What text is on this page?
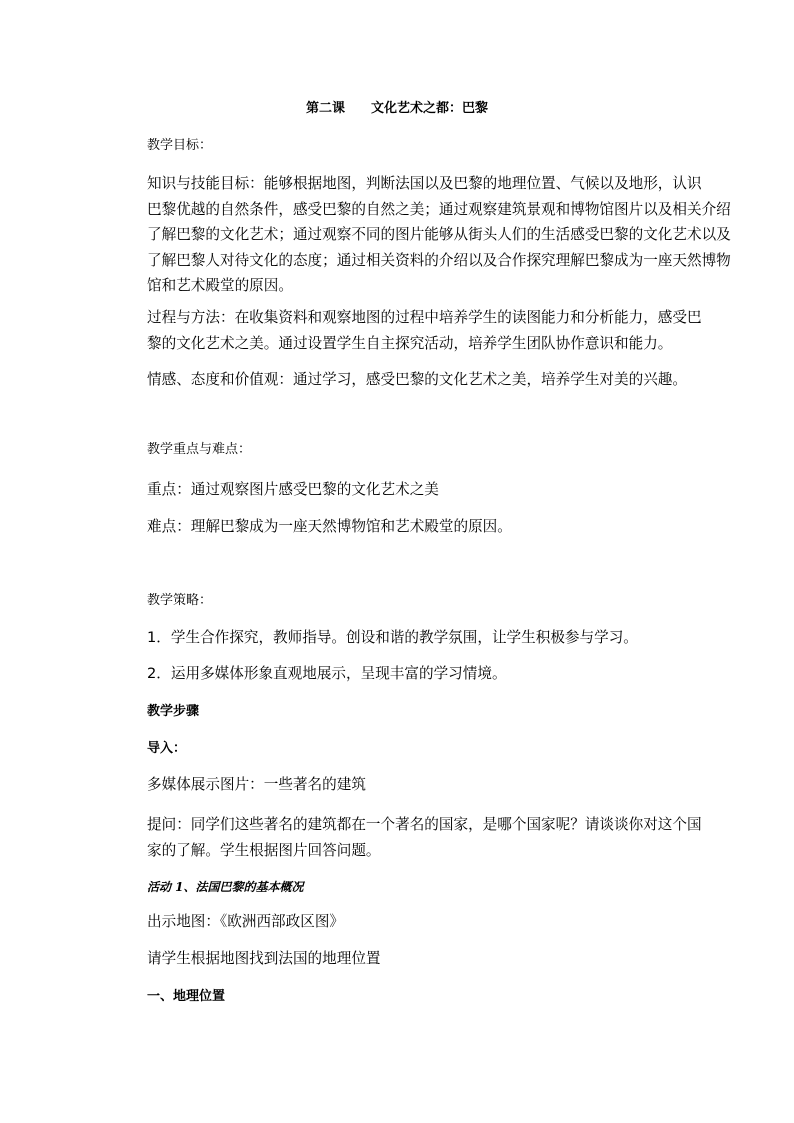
第二课　　文化艺术之都：巴黎
教学目标：
知识与技能目标：能够根据地图，判断法国以及巴黎的地理位置、气候以及地形，认识
巴黎优越的自然条件，感受巴黎的自然之美；通过观察建筑景观和博物馆图片以及相关介绍
了解巴黎的文化艺术；通过观察不同的图片能够从街头人们的生活感受巴黎的文化艺术以及
了解巴黎人对待文化的态度；通过相关资料的介绍以及合作探究理解巴黎成为一座天然博物
馆和艺术殿堂的原因。
过程与方法：在收集资料和观察地图的过程中培养学生的读图能力和分析能力，感受巴
黎的文化艺术之美。通过设置学生自主探究活动，培养学生团队协作意识和能力。
情感、态度和价值观：通过学习，感受巴黎的文化艺术之美，培养学生对美的兴趣。
教学重点与难点：
重点：通过观察图片感受巴黎的文化艺术之美
难点：理解巴黎成为一座天然博物馆和艺术殿堂的原因。
教学策略：
1．学生合作探究，教师指导。创设和谐的教学氛围，让学生积极参与学习。
2．运用多媒体形象直观地展示，呈现丰富的学习情境。
教学步骤
导入：
多媒体展示图片：一些著名的建筑
提问：同学们这些著名的建筑都在一个著名的国家，是哪个国家呢？请谈谈你对这个国
家的了解。学生根据图片回答问题。
活动 1、法国巴黎的基本概况
出示地图：《欧洲西部政区图》
请学生根据地图找到法国的地理位置
一、地理位置
